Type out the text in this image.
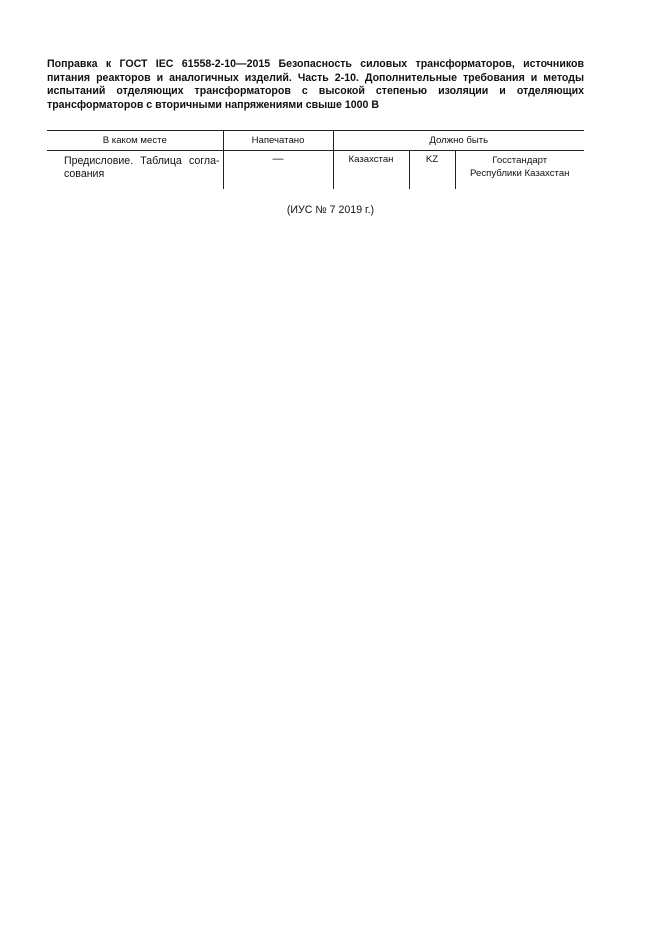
Поправка к ГОСТ IEC 61558-2-10—2015 Безопасность силовых трансформаторов, источников питания реакторов и аналогичных изделий. Часть 2-10. Дополнительные требования и методы испытаний отделяющих трансформаторов с высокой степенью изоляции и отделяющих трансформаторов с вторичными напряжениями свыше 1000 В
В каком месте	Напечатано	Должно быть		
Предисловие. Таблица согла-сования	—	Казахстан	KZ	Госстандарт
Республики Казахстан
(ИУС № 7 2019 г.)
